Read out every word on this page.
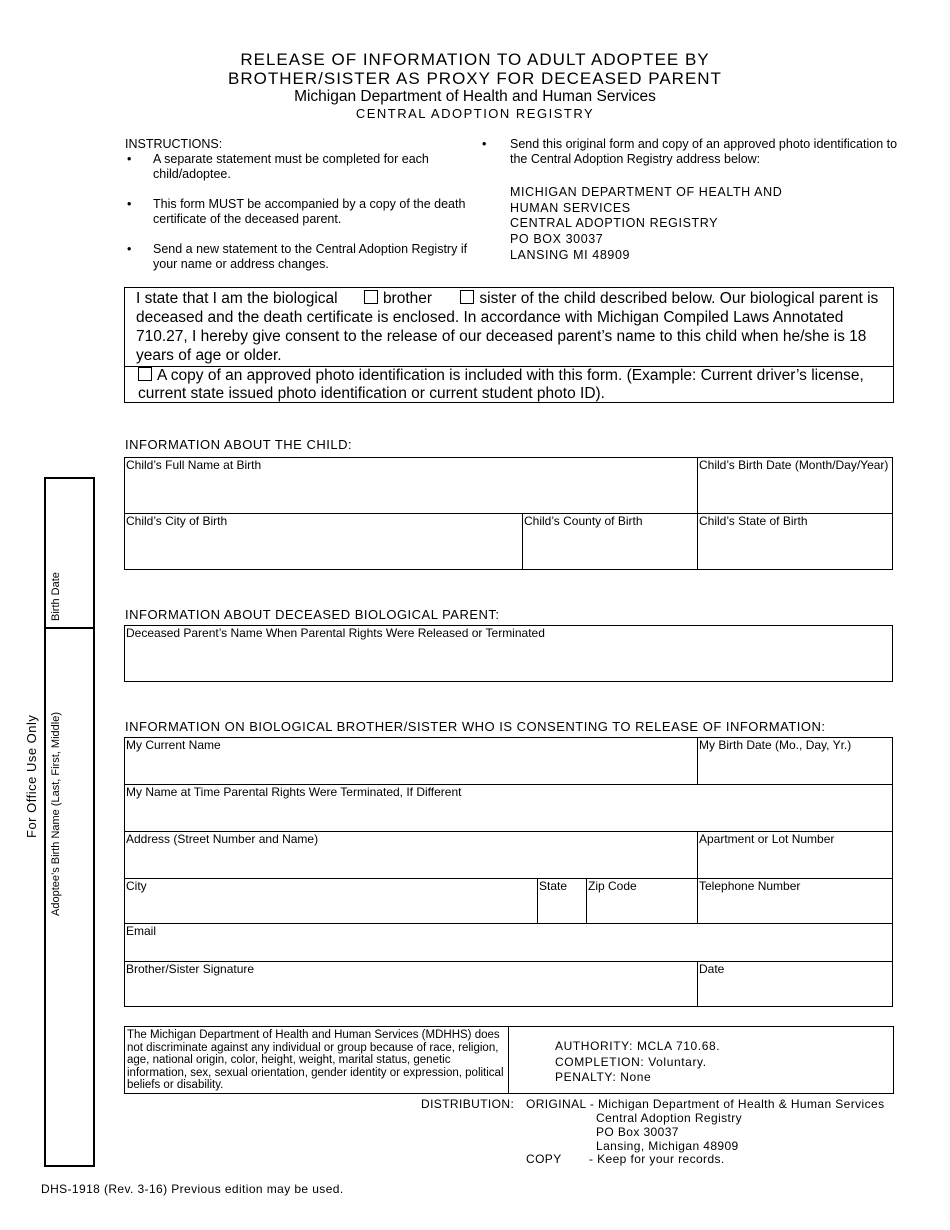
RELEASE OF INFORMATION TO ADULT ADOPTEE BY
BROTHER/SISTER AS PROXY FOR DECEASED PARENT
Michigan Department of Health and Human Services
CENTRAL ADOPTION REGISTRY
INSTRUCTIONS:
• A separate statement must be completed for each child/adoptee.
• This form MUST be accompanied by a copy of the death certificate of the deceased parent.
• Send a new statement to the Central Adoption Registry if your name or address changes.
• Send this original form and copy of an approved photo identification to the Central Adoption Registry address below:
MICHIGAN DEPARTMENT OF HEALTH AND
HUMAN SERVICES
CENTRAL ADOPTION REGISTRY
PO BOX 30037
LANSING MI 48909
I state that I am the biological	brother	sister of the child described below. Our biological parent is deceased and the death certificate is enclosed. In accordance with Michigan Compiled Laws Annotated 710.27, I hereby give consent to the release of our deceased parent’s name to this child when he/she is 18 years of age or older.
A copy of an approved photo identification is included with this form. (Example: Current driver’s license, current state issued photo identification or current student photo ID).
INFORMATION ABOUT THE CHILD:
Child’s Full Name at Birth	Child’s Birth Date (Month/Day/Year)
Child’s City of Birth	Child’s County of Birth	Child’s State of Birth
INFORMATION ABOUT DECEASED BIOLOGICAL PARENT:
Deceased Parent’s Name When Parental Rights Were Released or Terminated
INFORMATION ON BIOLOGICAL BROTHER/SISTER WHO IS CONSENTING TO RELEASE OF INFORMATION:
My Current Name	My Birth Date (Mo., Day, Yr.)
My Name at Time Parental Rights Were Terminated, If Different
Address (Street Number and Name)	Apartment or Lot Number
City	State Zip Code	Telephone Number
Email
Brother/Sister Signature	Date
For Office Use Only
Birth Date
Adoptee’s Birth Name (Last, First, Middle)
The Michigan Department of Health and Human Services (MDHHS) does not discriminate against any individual or group because of race, religion, age, national origin, color, height, weight, marital status, genetic information, sex, sexual orientation, gender identity or expression, political beliefs or disability.
AUTHORITY: MCLA 710.68.
COMPLETION: Voluntary.
PENALTY: None
DISTRIBUTION: ORIGINAL - Michigan Department of Health & Human Services
Central Adoption Registry
PO Box 30037
Lansing, Michigan 48909
COPY - Keep for your records.
DHS-1918 (Rev. 3-16) Previous edition may be used.
